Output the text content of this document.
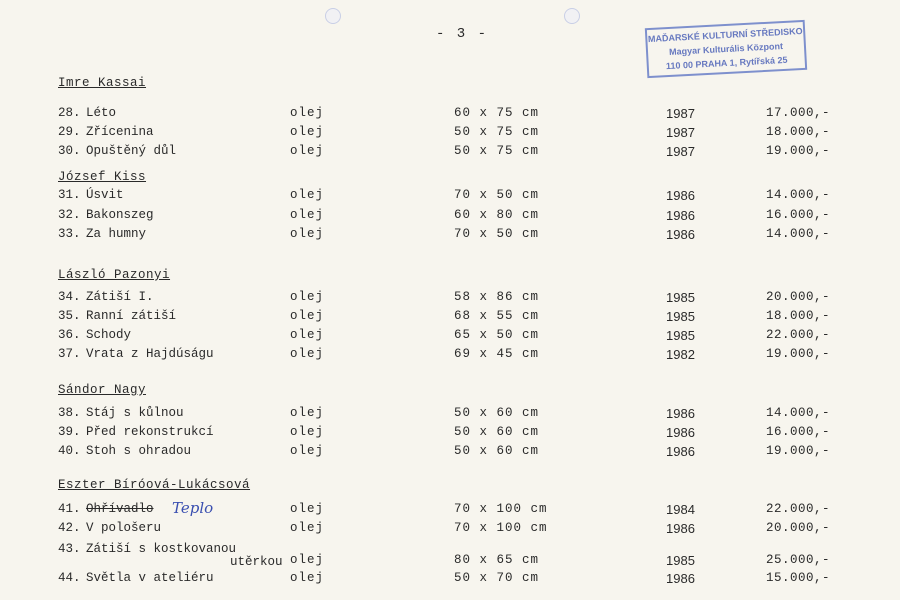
- 3 -	MAĎARSKÉ KULTURNÍ STŘEDISKO
Magyar Kulturális Központ
110 00 PRAHA 1, Rytířská 25
Imre Kassai
28. Léto	olej	60 x 75 cm	1987	17.000,-
29. Zřícenina	olej	50 x 75 cm	1987	18.000,-
30. Opuštěný důl	olej	50 x 75 cm	1987	19.000,-
József Kiss
31. Úsvit	olej	70 x 50 cm	1986	14.000,-
32. Bakonszeg	olej	60 x 80 cm	1986	16.000,-
33. Za humny	olej	70 x 50 cm	1986	14.000,-
László Pazonyi
34. Zátiší I.	olej	58 x 86 cm	1985	20.000,-
35. Ranní zátiší	olej	68 x 55 cm	1985	18.000,-
36. Schody	olej	65 x 50 cm	1985	22.000,-
37. Vrata z Hajdúságu	olej	69 x 45 cm	1982	19.000,-
Sándor Nagy
38. Stáj s kůlnou	olej	50 x 60 cm	1986	14.000,-
39. Před rekonstrukcí	olej	50 x 60 cm	1986	16.000,-
40. Stoh s ohradou	olej	50 x 60 cm	1986	19.000,-
Eszter Bíróová-Lukácsová
41. Ohřívadlo	olej	70 x 100 cm	1984	22.000,-
Teplo
42. V pološeru	olej	70 x 100 cm	1986	20.000,-
43. Zátiší s kostkovanou
olej	80 x 65 cm	1985	25.000,-
utěrkou
44. Světla v ateliéru	olej	50 x 70 cm	1986	15.000,-
